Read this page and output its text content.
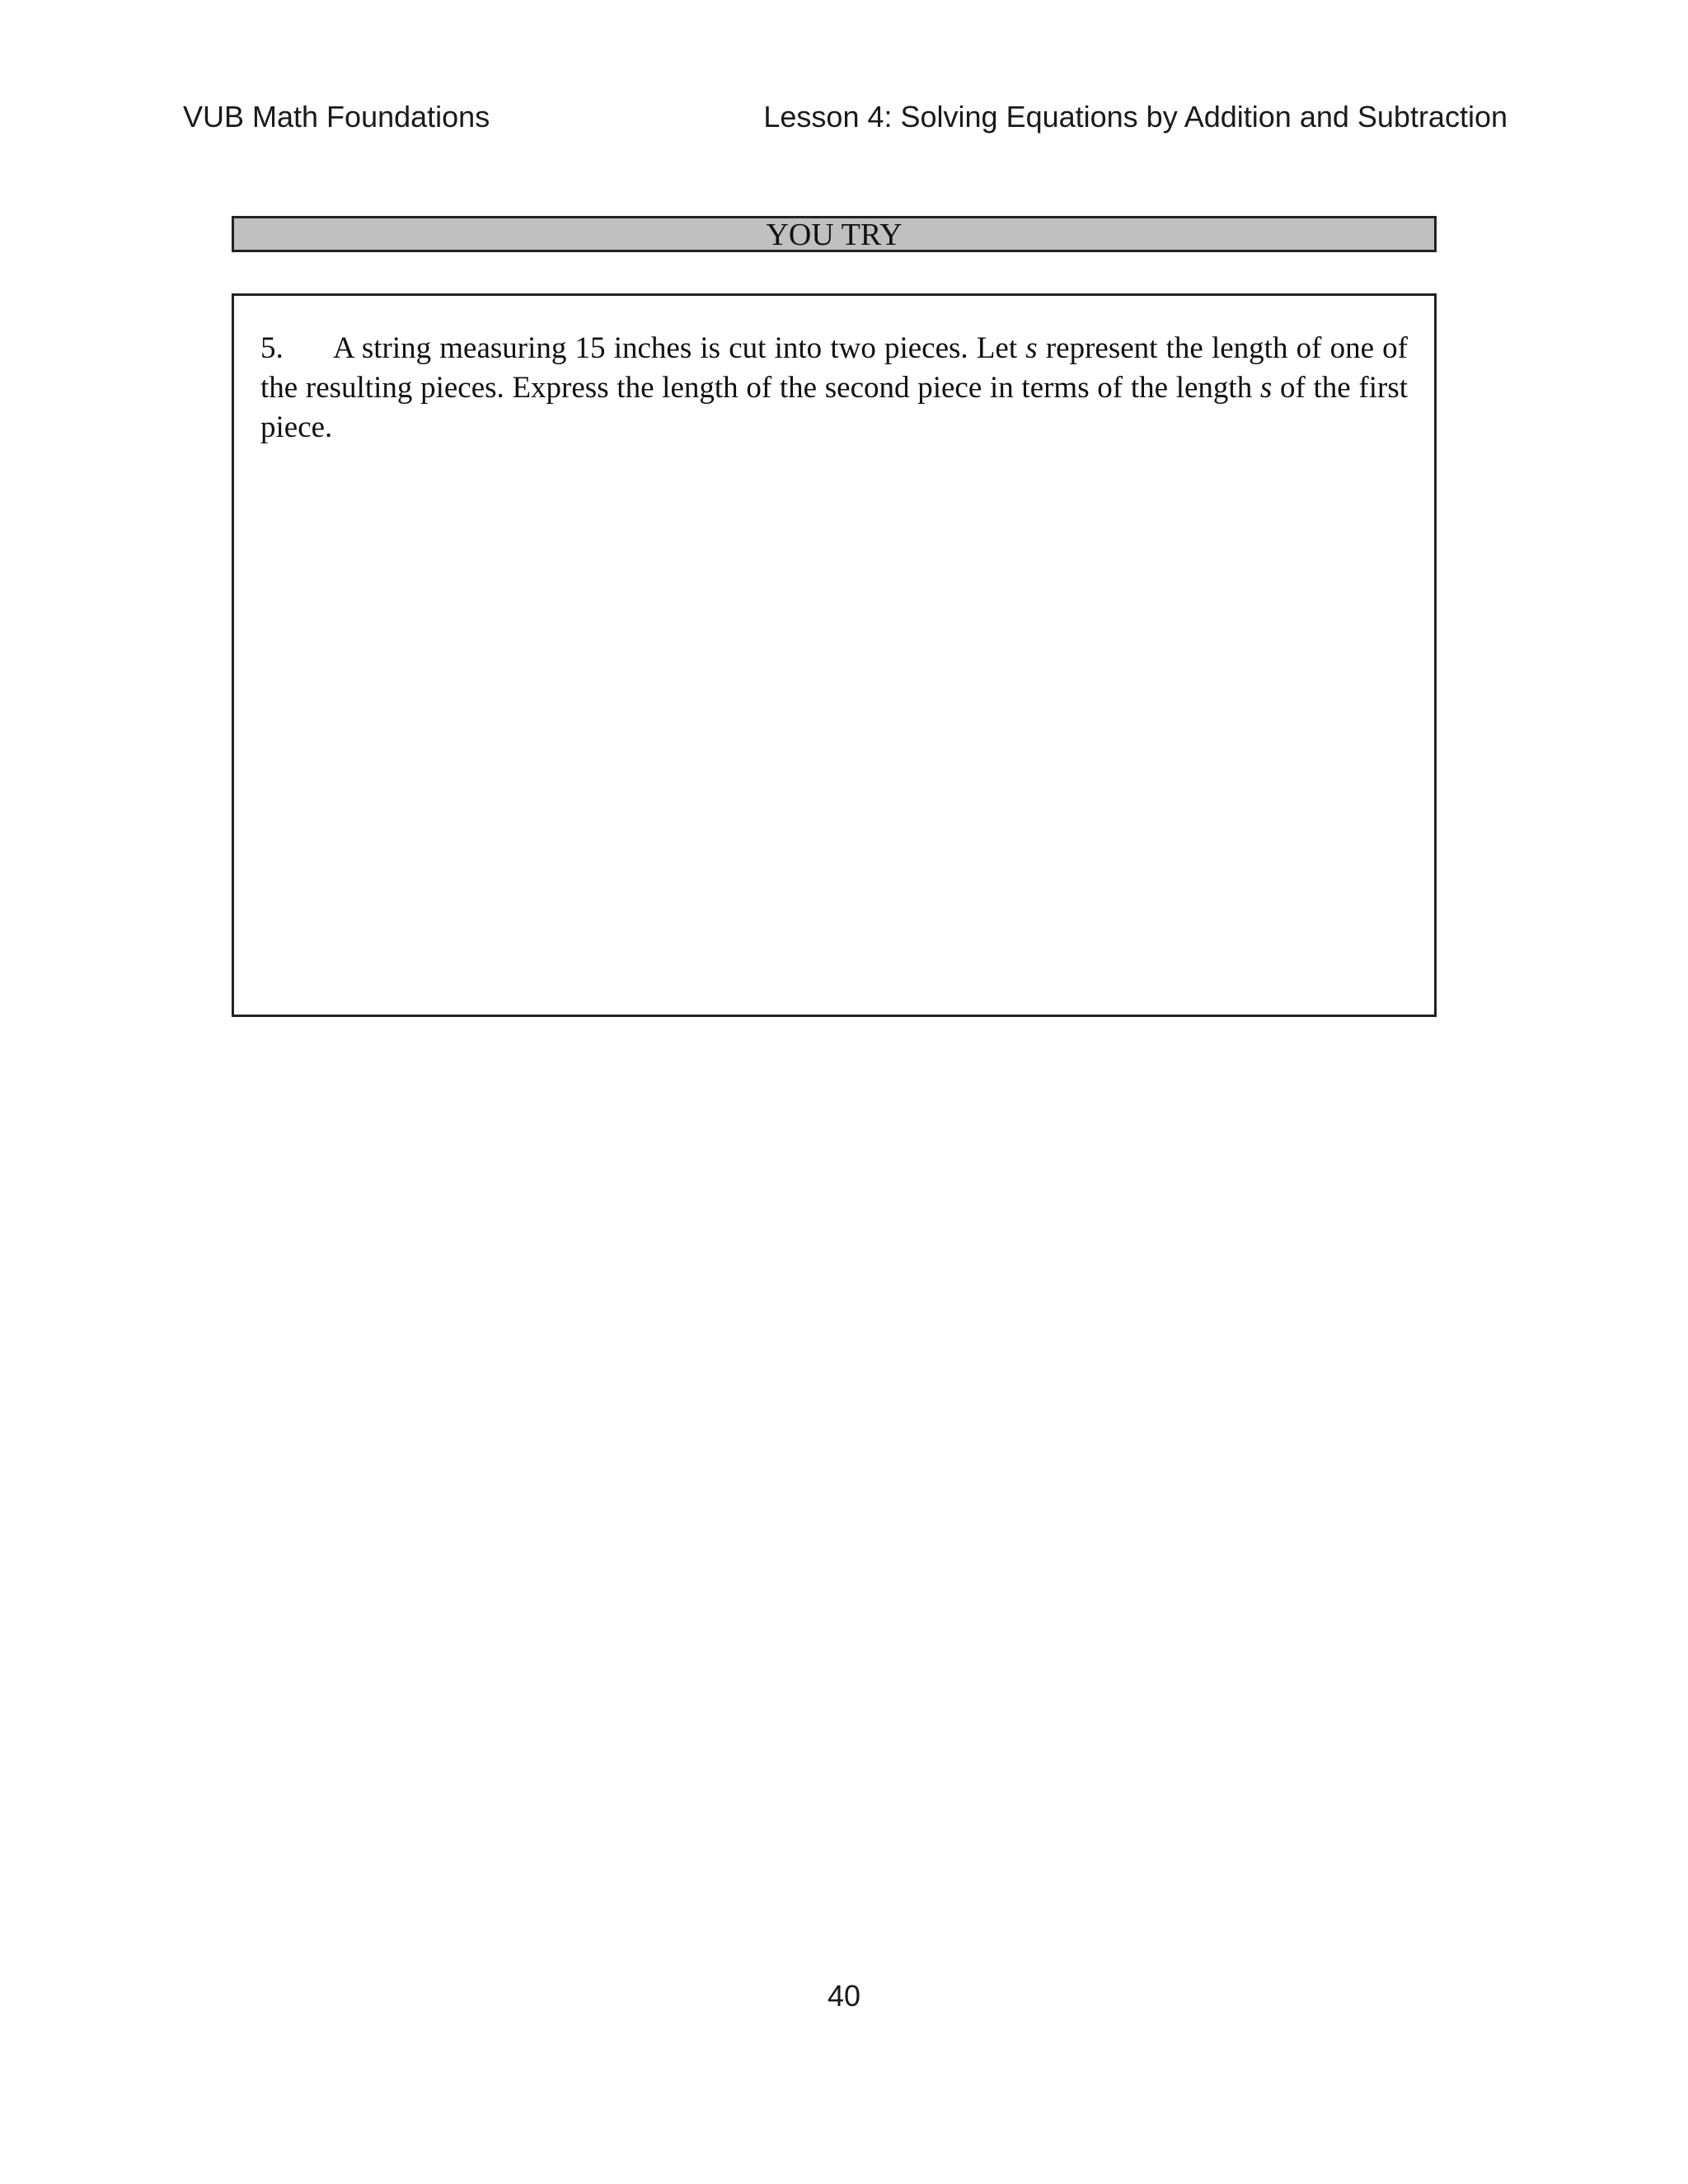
VUB Math Foundations	Lesson 4: Solving Equations by Addition and Subtraction
YOU TRY
5. A string measuring 15 inches is cut into two pieces. Let s represent the length of one of the resulting pieces. Express the length of the second piece in terms of the length s of the first piece.
40
